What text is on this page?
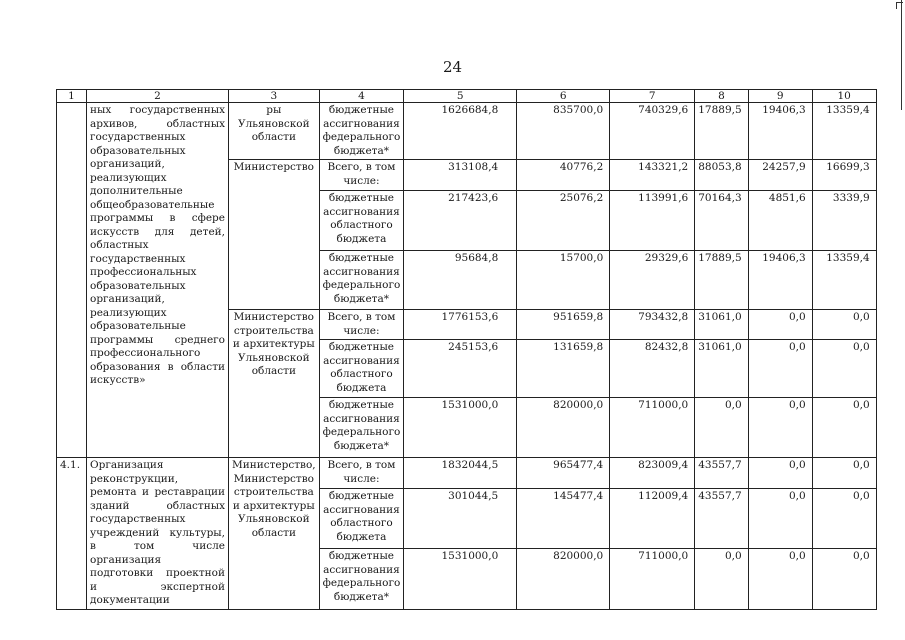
24
1	2	3	4	5	6	7	8	9	10
	ных государственных архивов, областных государственных образовательных организаций, реализующих дополнительные общеобразовательные программы в сфере искусств для детей, областных государственных профессиональных образовательных организаций, реализующих образовательные программы среднего профессионального образования в области искусств»	ры Ульяновской области	бюджетные ассигнования федерального бюджета*	1626684,8	835700,0	740329,6	17889,5	19406,3	13359,4
		Министерство	Всего, в том числе:	313108,4	40776,2	143321,2	88053,8	24257,9	16699,3
			бюджетные ассигнования областного бюджета	217423,6	25076,2	113991,6	70164,3	4851,6	3339,9
			бюджетные ассигнования федерального бюджета*	95684,8	15700,0	29329,6	17889,5	19406,3	13359,4
		Министерство строительства и архитектуры Ульяновской области	Всего, в том числе:	1776153,6	951659,8	793432,8	31061,0	0,0	0,0
			бюджетные ассигнования областного бюджета	245153,6	131659,8	82432,8	31061,0	0,0	0,0
			бюджетные ассигнования федерального бюджета*	1531000,0	820000,0	711000,0	0,0	0,0	0,0
4.1.	Организация реконструкции, ремонта и реставрации зданий областных государственных учреждений культуры, в том числе организация подготовки проектной и экспертной документации	Министерство, Министерство строительства и архитектуры Ульяновской области	Всего, в том числе:	1832044,5	965477,4	823009,4	43557,7	0,0	0,0
			бюджетные ассигнования областного бюджета	301044,5	145477,4	112009,4	43557,7	0,0	0,0
			бюджетные ассигнования федерального бюджета*	1531000,0	820000,0	711000,0	0,0	0,0	0,0
